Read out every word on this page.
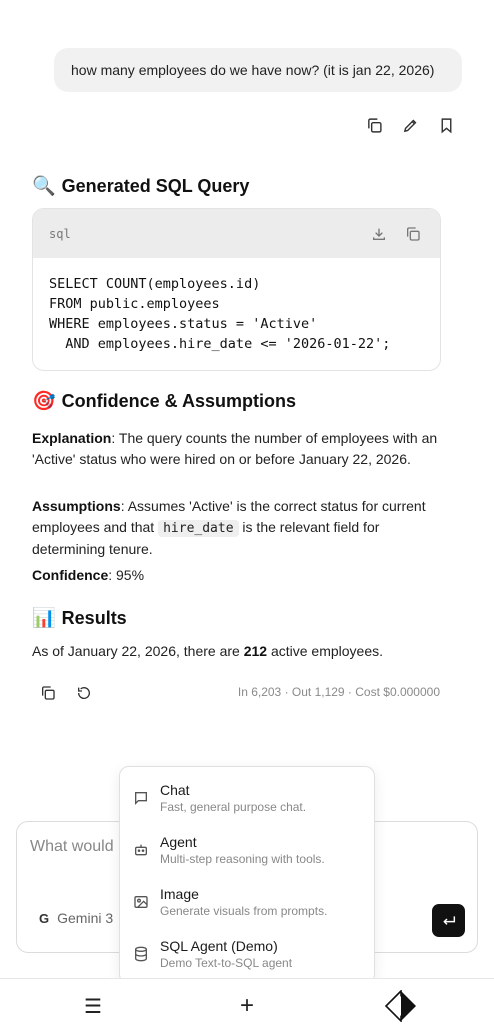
how many employees do we have now? (it is jan 22, 2026)
🔍 Generated SQL Query
sql
SELECT COUNT(employees.id)
FROM public.employees
WHERE employees.status = 'Active'
AND employees.hire_date <= '2026-01-22';
🎯 Confidence & Assumptions
Explanation: The query counts the number of employees with an 'Active' status who were hired on or before January 22, 2026.
Assumptions: Assumes 'Active' is the correct status for current employees and that hire_date is the relevant field for determining tenure.
Confidence: 95%
📊 Results
As of January 22, 2026, there are 212 active employees.
In 6,203 · Out 1,129 · Cost $0.000000
What would
G Gemini 3
Chat
Fast, general purpose chat.
Agent
Multi-step reasoning with tools.
Image
Generate visuals from prompts.
SQL Agent (Demo)
Demo Text-to-SQL agent
☰	+
